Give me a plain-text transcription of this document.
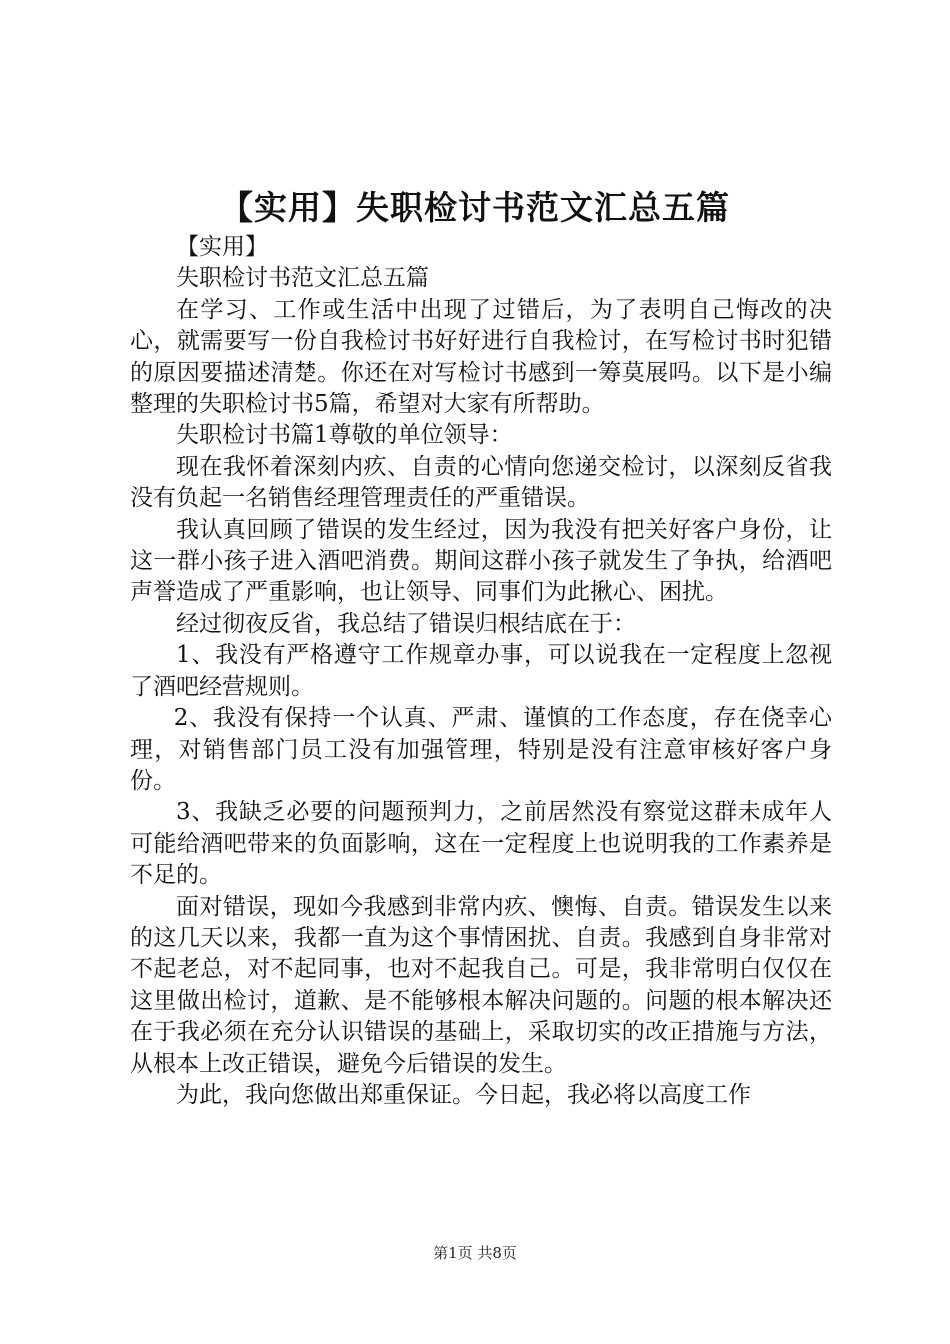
【实用】失职检讨书范文汇总五篇

【实用】

失职检讨书范文汇总五篇

在学习、工作或生活中出现了过错后，为了表明自己悔改的决心，就需要写一份自我检讨书好好进行自我检讨，在写检讨书时犯错的原因要描述清楚。你还在对写检讨书感到一筹莫展吗。以下是小编整理的失职检讨书5篇，希望对大家有所帮助。

失职检讨书篇1尊敬的单位领导：

现在我怀着深刻内疚、自责的心情向您递交检讨，以深刻反省我没有负起一名销售经理管理责任的严重错误。

我认真回顾了错误的发生经过，因为我没有把关好客户身份，让这一群小孩子进入酒吧消费。期间这群小孩子就发生了争执，给酒吧声誉造成了严重影响，也让领导、同事们为此揪心、困扰。

经过彻夜反省，我总结了错误归根结底在于：

1、我没有严格遵守工作规章办事，可以说我在一定程度上忽视了酒吧经营规则。

2、我没有保持一个认真、严肃、谨慎的工作态度，存在侥幸心理，对销售部门员工没有加强管理，特别是没有注意审核好客户身份。

3、我缺乏必要的问题预判力，之前居然没有察觉这群未成年人可能给酒吧带来的负面影响，这在一定程度上也说明我的工作素养是不足的。

面对错误，现如今我感到非常内疚、懊悔、自责。错误发生以来的这几天以来，我都一直为这个事情困扰、自责。我感到自身非常对不起老总，对不起同事，也对不起我自己。可是，我非常明白仅仅在这里做出检讨，道歉、是不能够根本解决问题的。问题的根本解决还在于我必须在充分认识错误的基础上，采取切实的改正措施与方法，从根本上改正错误，避免今后错误的发生。

为此，我向您做出郑重保证。今日起，我必将以高度工作

第1页 共8页
